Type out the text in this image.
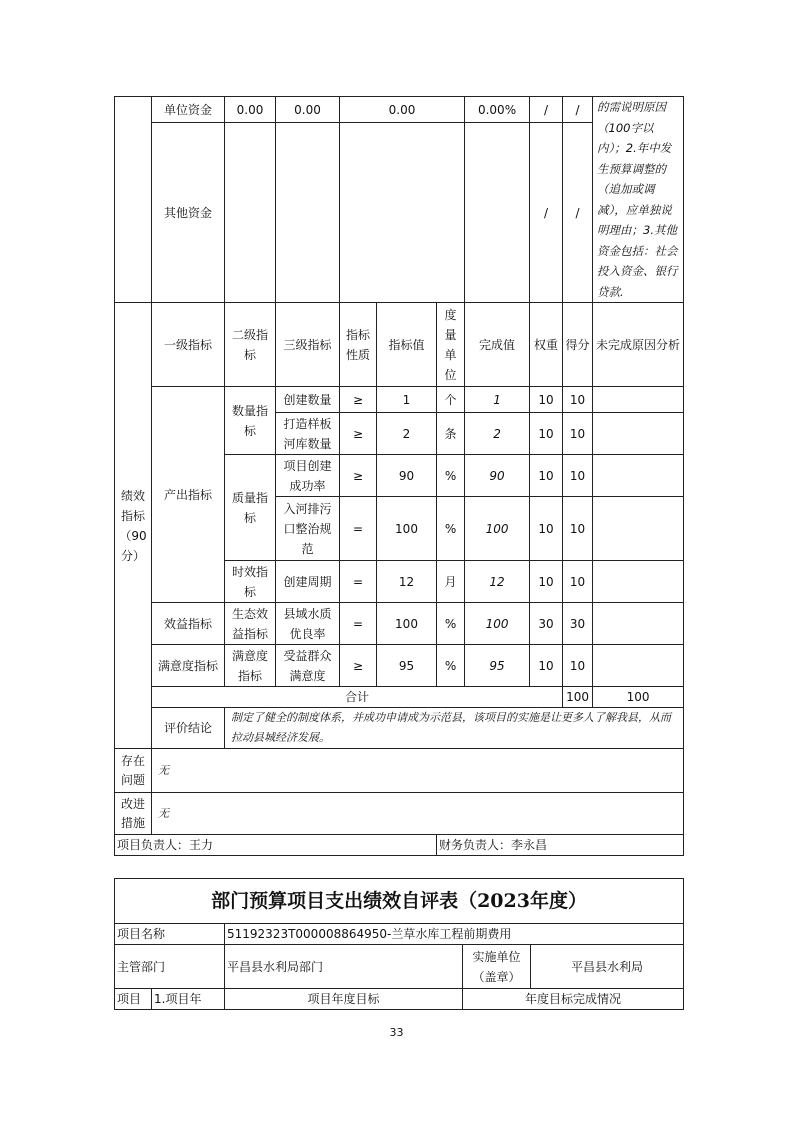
	单位资金	0.00	0.00	0.00			0.00%	/	/	的需说明原因（100字以内）；2.年中发生预算调整的（追加或调减），应单独说明理由；3.其他资金包括：社会投入资金、银行贷款.	
	其他资金							/	/		
绩效指标（90分）	一级指标	二级指标	三级指标	指标性质	指标值	度量单位	完成值	权重	得分	未完成原因分析	
	产出指标	数量指标	创建数量	≥	1	个	1	10	10		
			打造样板河库数量	≥	2	条	2	10	10		
		质量指标	项目创建成功率	≥	90	%	90	10	10		
			入河排污口整治规范	=	100	%	100	10	10		
		时效指标	创建周期	=	12	月	12	10	10		
	效益指标	生态效益指标	县域水质优良率	=	100	%	100	30	30		
	满意度指标	满意度指标	受益群众满意度	≥	95	%	95	10	10		
	合计								100	100	
	评价结论	制定了健全的制度体系，并成功申请成为示范县，该项目的实施是让更多人了解我县，从而拉动县城经济发展。									
存在问题	无										
改进措施	无										
项目负责人：王力						财务负责人：李永昌					
部门预算项目支出绩效自评表（2023年度）				
项目名称		51192323T000008864950-兰草水库工程前期费用		
主管部门		平昌县水利局部门	实施单位（盖章）	平昌县水利局
项目	1.项目年	项目年度目标	年度目标完成情况	
33
